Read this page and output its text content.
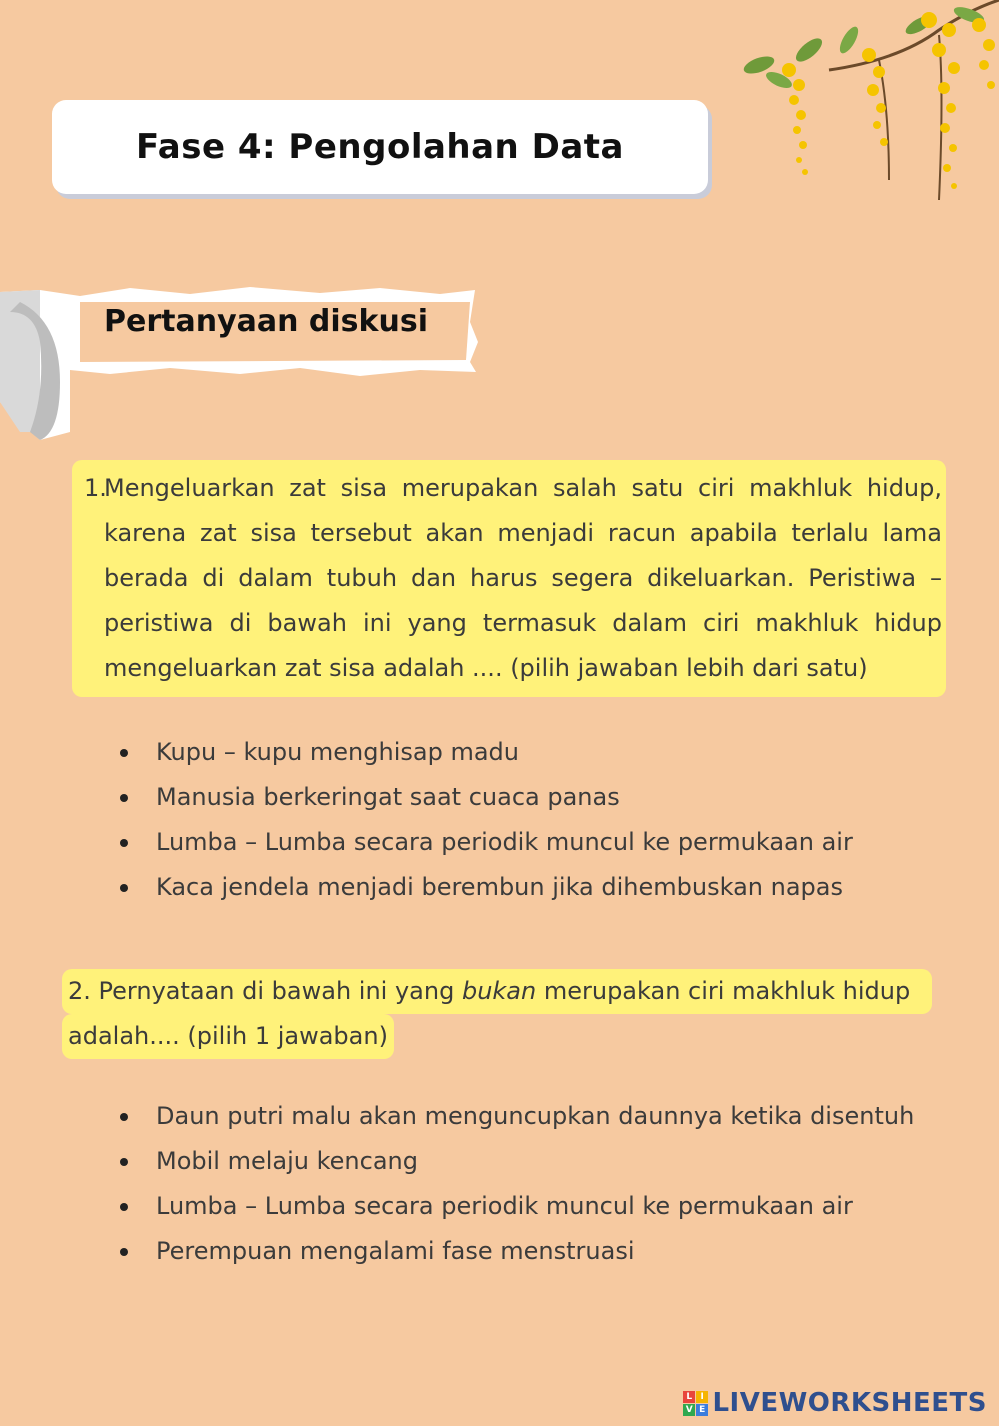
Fase 4: Pengolahan Data
Pertanyaan diskusi
1.
Mengeluarkan zat sisa merupakan salah satu ciri makhluk hidup, karena zat sisa tersebut akan menjadi racun apabila terlalu lama berada di dalam tubuh dan harus segera dikeluarkan. Peristiwa – peristiwa di bawah ini yang termasuk dalam ciri makhluk hidup mengeluarkan zat sisa adalah .... (pilih jawaban lebih dari satu)
Kupu – kupu menghisap madu
Manusia berkeringat saat cuaca panas
Lumba – Lumba secara periodik muncul ke permukaan air
Kaca jendela menjadi berembun jika dihembuskan napas
2. Pernyataan di bawah ini yang bukan merupakan ciri makhluk hidup
adalah.... (pilih 1 jawaban)
Daun putri malu akan menguncupkan daunnya ketika disentuh
Mobil melaju kencang
Lumba – Lumba secara periodik muncul ke permukaan air
Perempuan mengalami fase menstruasi
L I
V E LIVEWORKSHEETS
